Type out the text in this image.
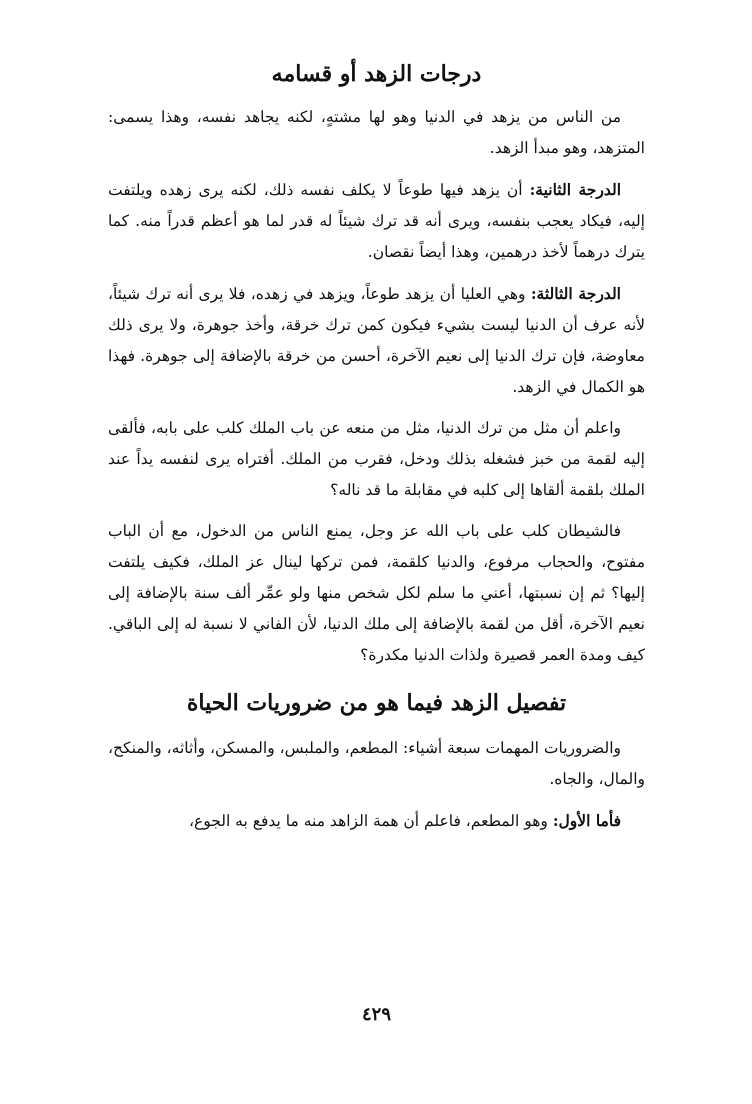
درجات الزهد أو قسامه

من الناس من يزهد في الدنيا وهو لها مشتهٍ، لكنه يجاهد نفسه، وهذا يسمى: المتزهد، وهو مبدأ الزهد.

الدرجة الثانية: أن يزهد فيها طوعاً لا يكلف نفسه ذلك، لكنه يرى زهده ويلتفت إليه، فيكاد يعجب بنفسه، ويرى أنه قد ترك شيئاً له قدر لما هو أعظم قدراً منه. كما يترك درهماً لأخذ درهمين، وهذا أيضاً نقصان.

الدرجة الثالثة: وهي العليا أن يزهد طوعاً، ويزهد في زهده، فلا يرى أنه ترك شيئاً، لأنه عرف أن الدنيا ليست بشيء فيكون كمن ترك خرقة، وأخذ جوهرة، ولا يرى ذلك معاوضة، فإن ترك الدنيا إلى نعيم الآخرة، أحسن من خرقة بالإضافة إلى جوهرة. فهذا هو الكمال في الزهد.

واعلم أن مثل من ترك الدنيا، مثل من منعه عن باب الملك كلب على بابه، فألقى إليه لقمة من خبز فشغله بذلك ودخل، فقرب من الملك. أفتراه يرى لنفسه يداً عند الملك بلقمة ألقاها إلى كلبه في مقابلة ما قد ناله؟

فالشيطان كلب على باب الله عز وجل، يمنع الناس من الدخول، مع أن الباب مفتوح، والحجاب مرفوع، والدنيا كلقمة، فمن تركها لينال عز الملك، فكيف يلتفت إليها؟ ثم إن نسبتها، أعني ما سلم لكل شخص منها ولو عمِّر ألف سنة بالإضافة إلى نعيم الآخرة، أقل من لقمة بالإضافة إلى ملك الدنيا، لأن الفاني لا نسبة له إلى الباقي. كيف ومدة العمر قصيرة ولذات الدنيا مكدرة؟

تفصيل الزهد فيما هو من ضروريات الحياة

والضروريات المهمات سبعة أشياء: المطعم، والملبس، والمسكن، وأثاثه، والمنكح، والمال، والجاه.

فأما الأول: وهو المطعم، فاعلم أن همة الزاهد منه ما يدفع به الجوع،

٤٢٩
